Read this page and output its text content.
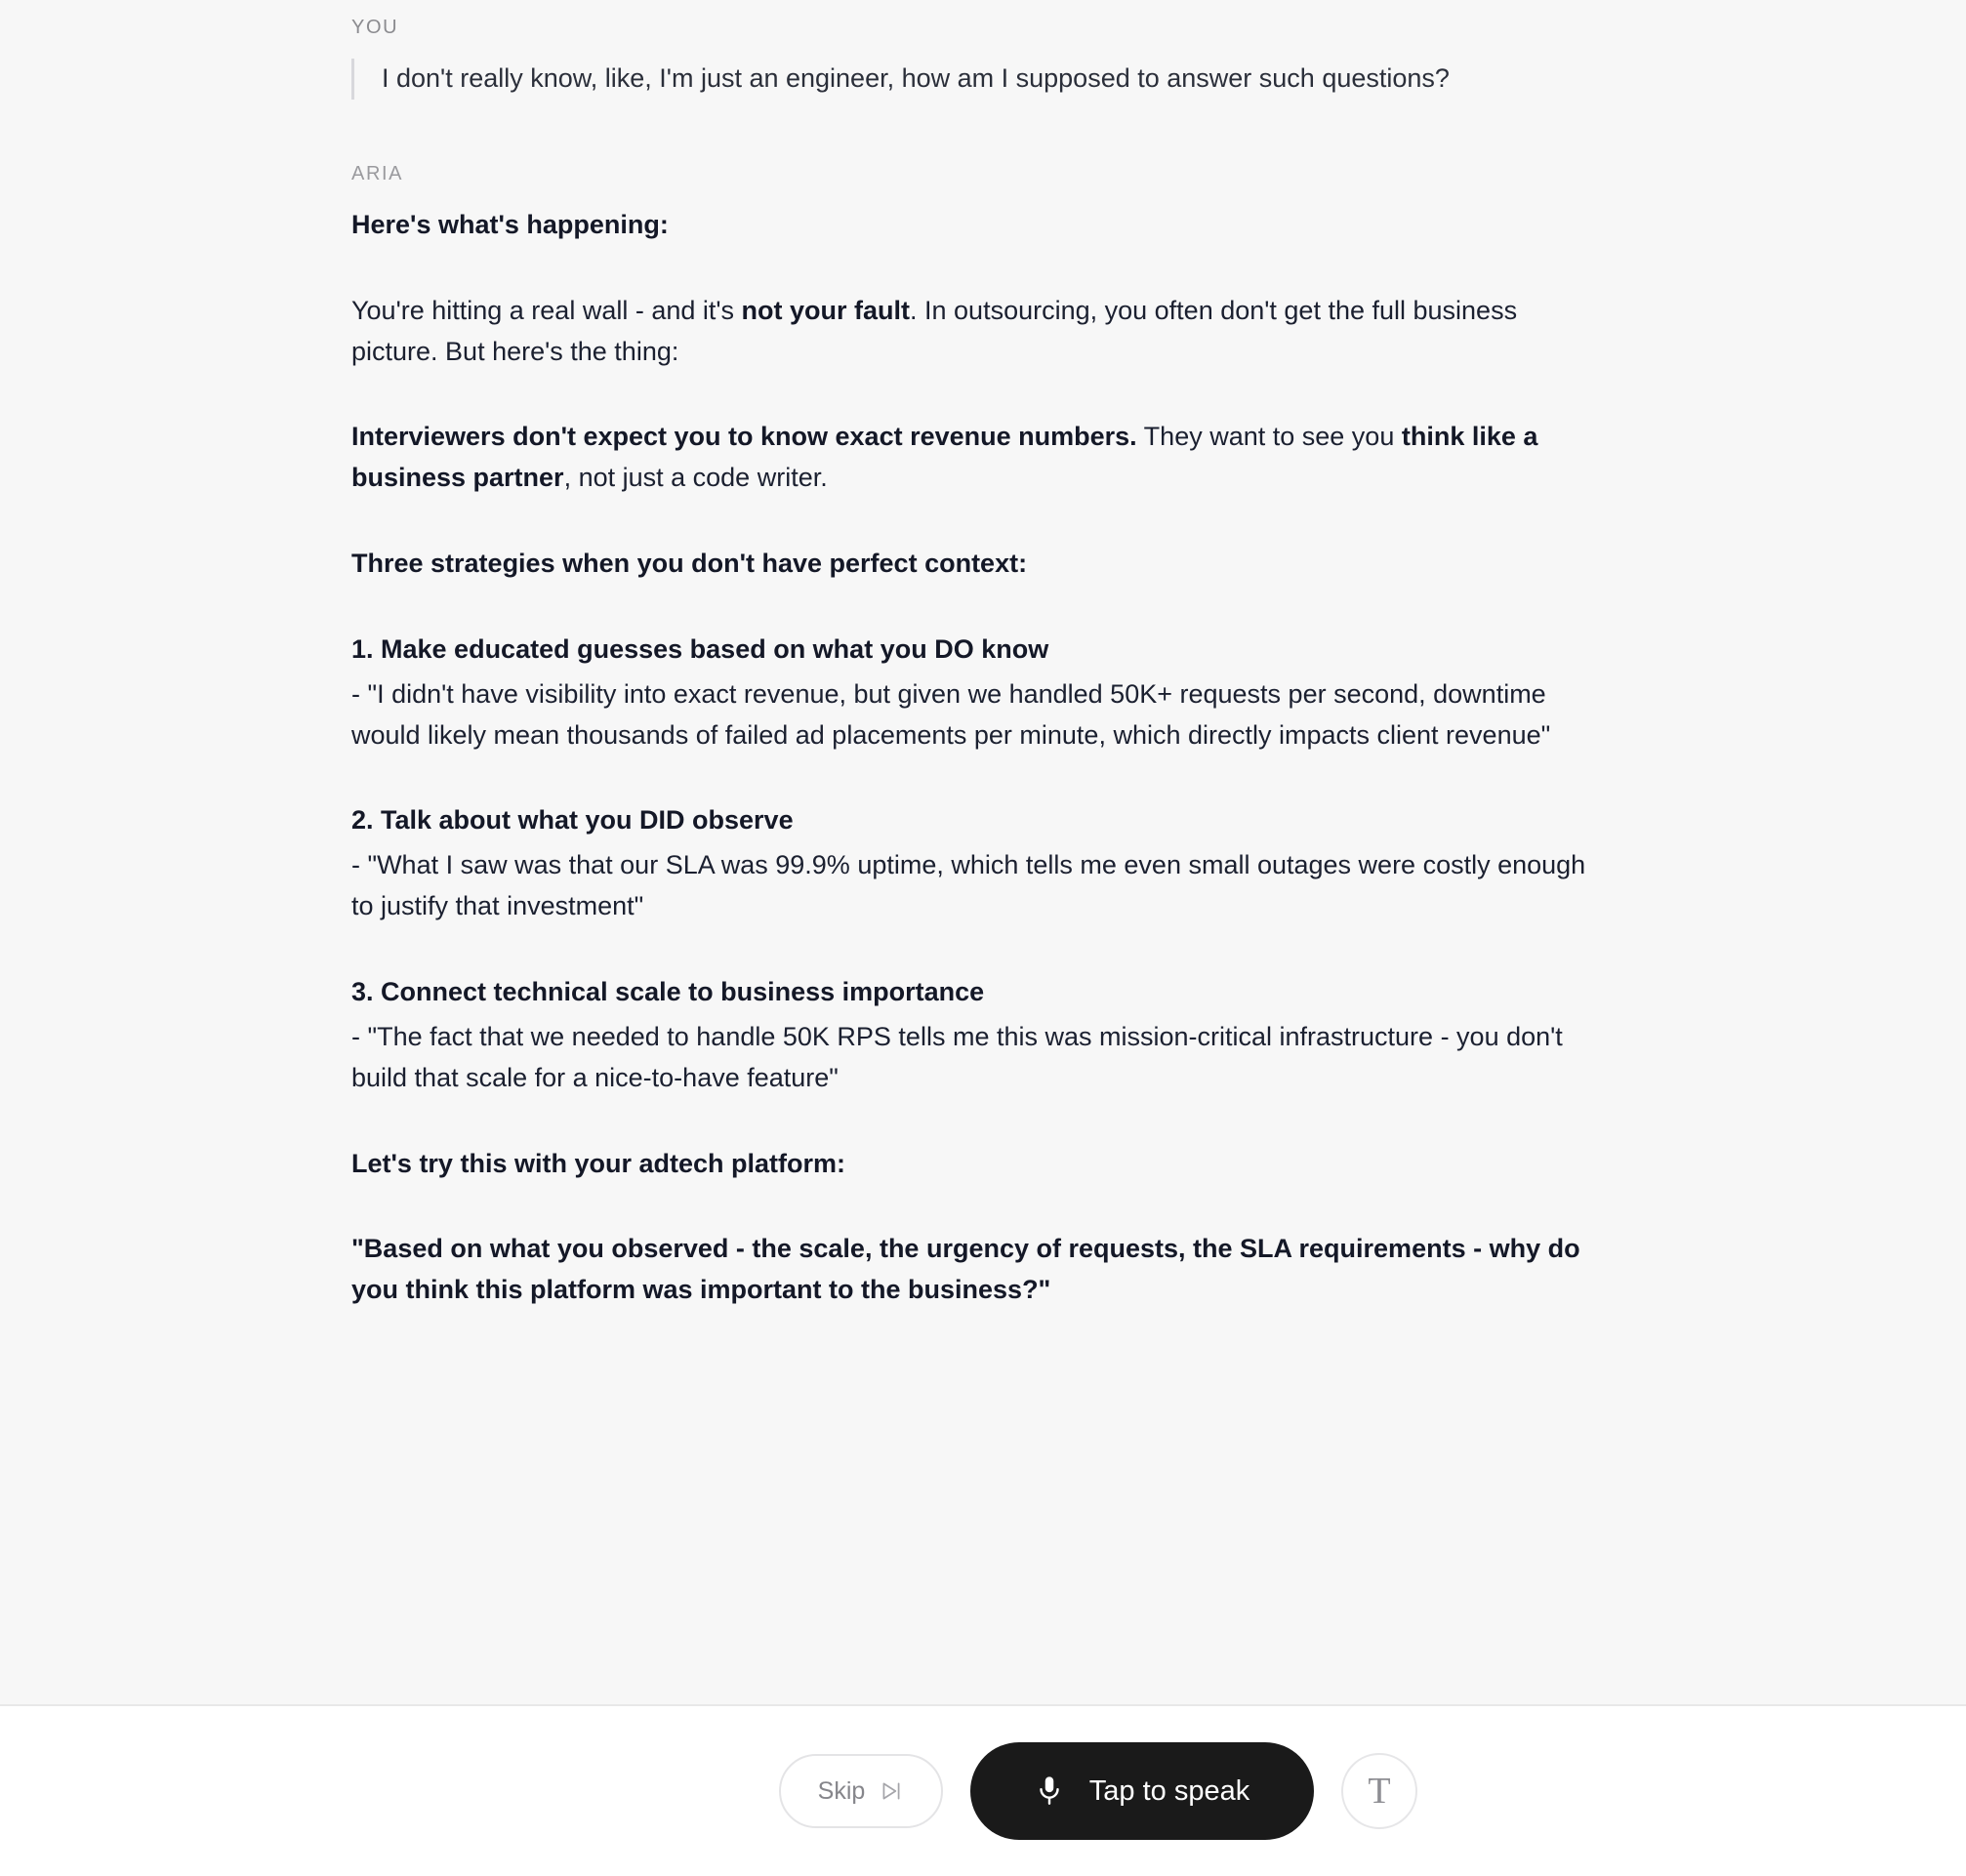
YOU

I don't really know, like, I'm just an engineer, how am I supposed to answer such questions?

ARIA

Here's what's happening:

You're hitting a real wall - and it's not your fault. In outsourcing, you often don't get the full business picture. But here's the thing:

Interviewers don't expect you to know exact revenue numbers. They want to see you think like a business partner, not just a code writer.

Three strategies when you don't have perfect context:

1. Make educated guesses based on what you DO know

- "I didn't have visibility into exact revenue, but given we handled 50K+ requests per second, downtime would likely mean thousands of failed ad placements per minute, which directly impacts client revenue"

2. Talk about what you DID observe

- "What I saw was that our SLA was 99.9% uptime, which tells me even small outages were costly enough to justify that investment"

3. Connect technical scale to business importance

- "The fact that we needed to handle 50K RPS tells me this was mission-critical infrastructure - you don't build that scale for a nice-to-have feature"

Let's try this with your adtech platform:

"Based on what you observed - the scale, the urgency of requests, the SLA requirements - why do you think this platform was important to the business?"

Skip	Tap to speak	T
